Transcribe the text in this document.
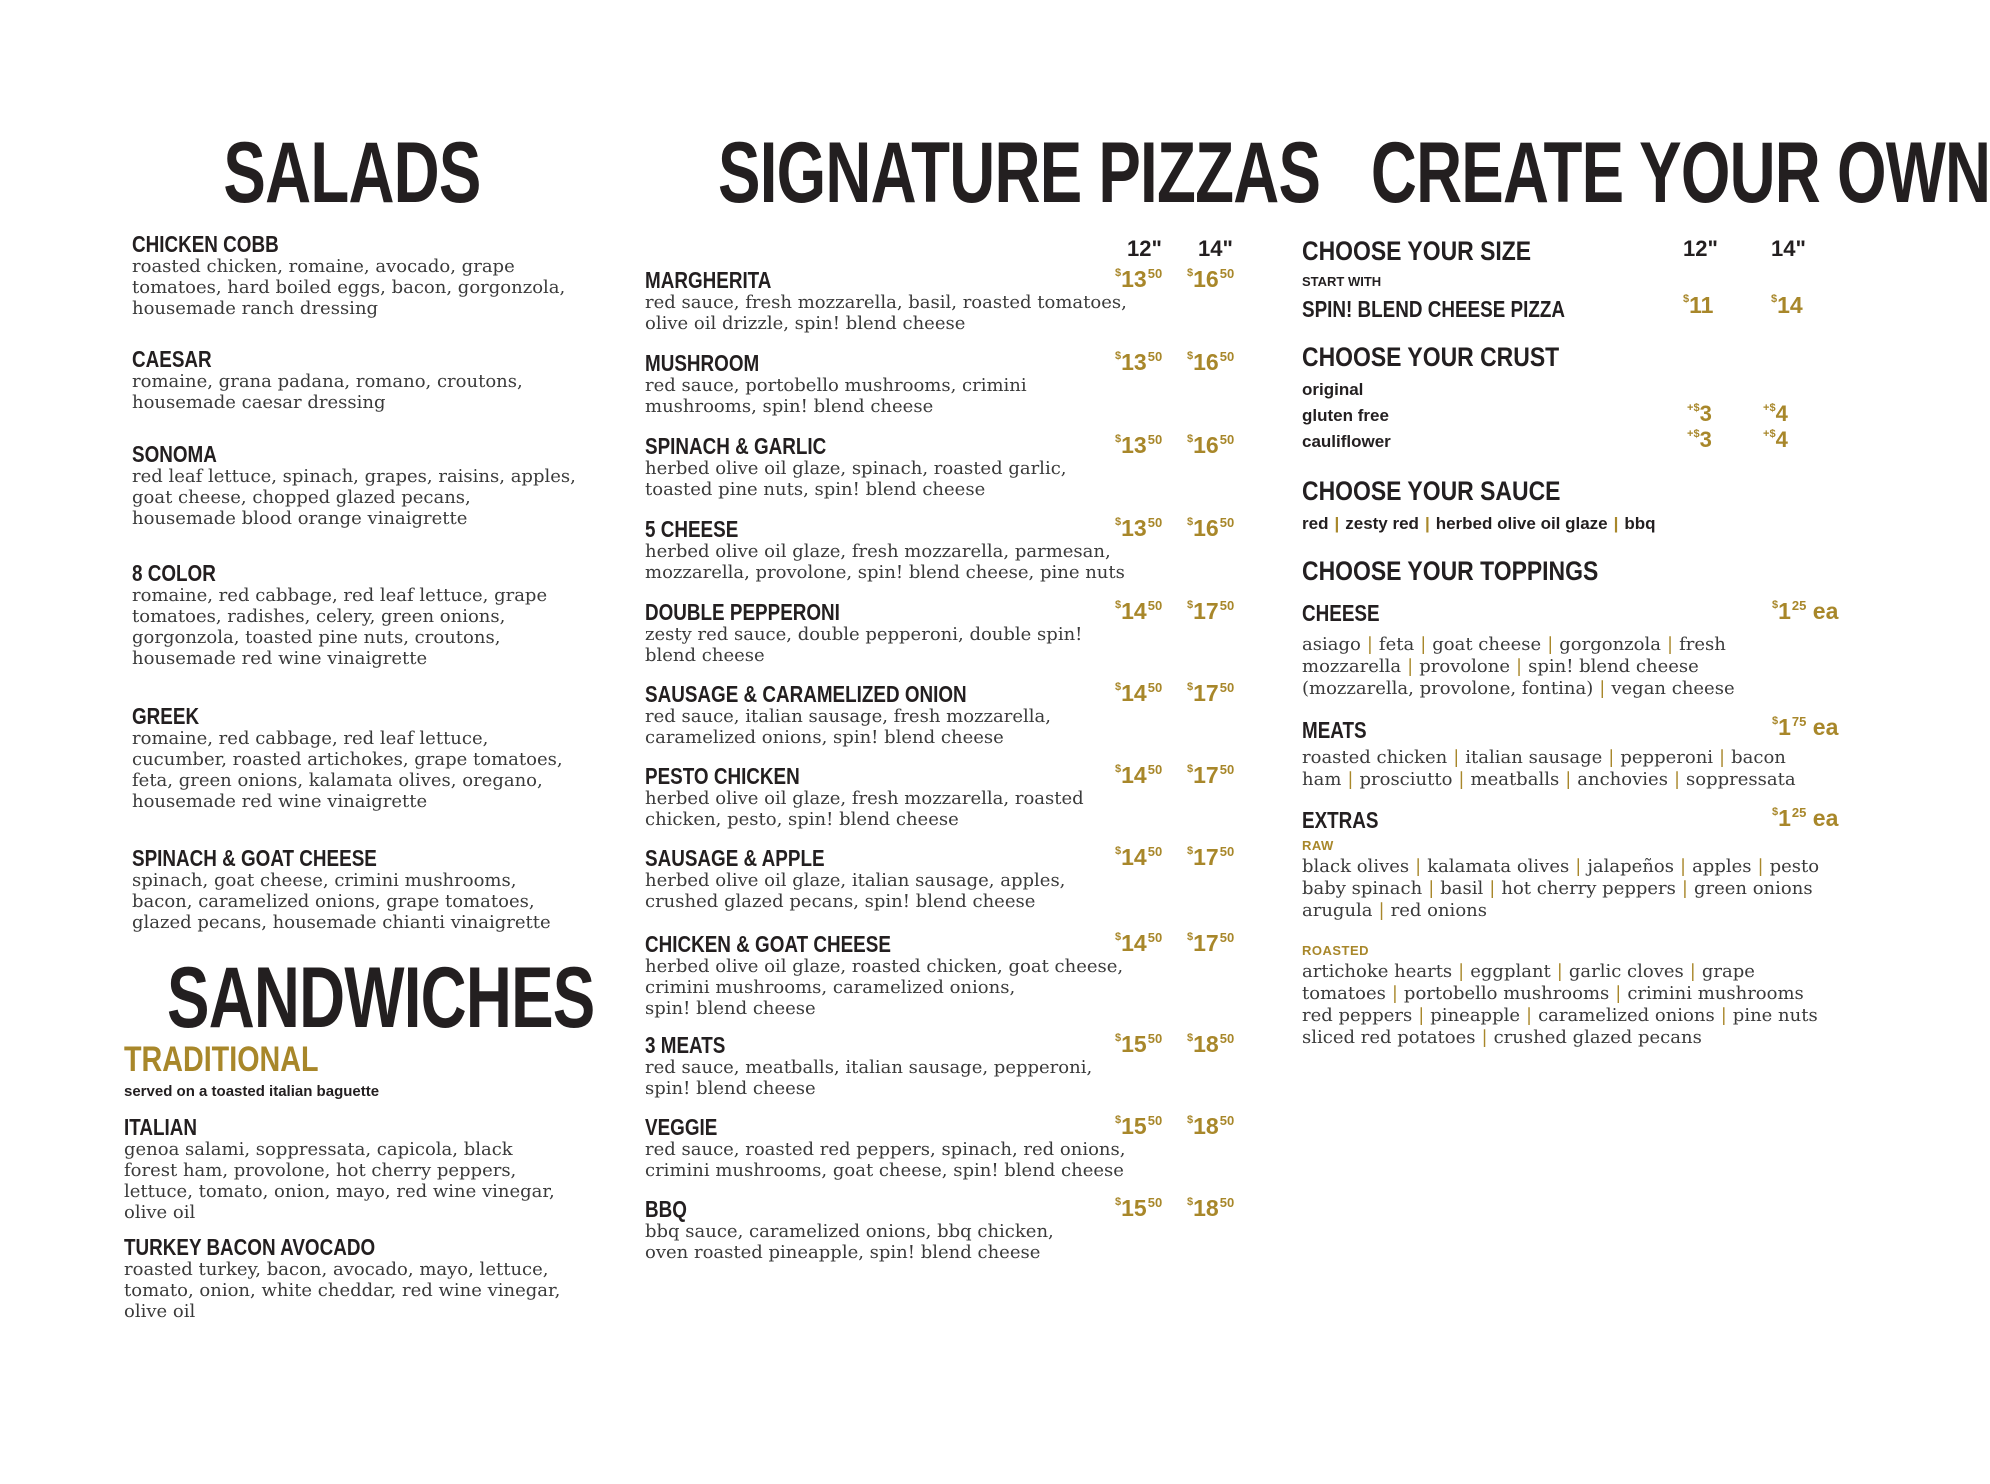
SALADS
CHICKEN COBB
roasted chicken, romaine, avocado, grape
tomatoes, hard boiled eggs, bacon, gorgonzola,
housemade ranch dressing
CAESAR
romaine, grana padana, romano, croutons,
housemade caesar dressing
SONOMA
red leaf lettuce, spinach, grapes, raisins, apples,
goat cheese, chopped glazed pecans,
housemade blood orange vinaigrette
8 COLOR
romaine, red cabbage, red leaf lettuce, grape
tomatoes, radishes, celery, green onions,
gorgonzola, toasted pine nuts, croutons,
housemade red wine vinaigrette
GREEK
romaine, red cabbage, red leaf lettuce,
cucumber, roasted artichokes, grape tomatoes,
feta, green onions, kalamata olives, oregano,
housemade red wine vinaigrette
SPINACH & GOAT CHEESE
spinach, goat cheese, crimini mushrooms,
bacon, caramelized onions, grape tomatoes,
glazed pecans, housemade chianti vinaigrette
SANDWICHES
TRADITIONAL
served on a toasted italian baguette
ITALIAN
genoa salami, soppressata, capicola, black
forest ham, provolone, hot cherry peppers,
lettuce, tomato, onion, mayo, red wine vinegar,
olive oil
TURKEY BACON AVOCADO
roasted turkey, bacon, avocado, mayo, lettuce,
tomato, onion, white cheddar, red wine vinegar,
olive oil
SIGNATURE PIZZAS
12" 14"
MARGHERITA
red sauce, fresh mozzarella, basil, roasted tomatoes,
olive oil drizzle, spin! blend cheese
$^{\$}13^{50}$ $^{\$}16^{50}$
MUSHROOM
red sauce, portobello mushrooms, crimini
mushrooms, spin! blend cheese
$^{\$}13^{50}$ $^{\$}16^{50}$
SPINACH & GARLIC
herbed olive oil glaze, spinach, roasted garlic,
toasted pine nuts, spin! blend cheese
$^{\$}13^{50}$ $^{\$}16^{50}$
5 CHEESE
herbed olive oil glaze, fresh mozzarella, parmesan,
mozzarella, provolone, spin! blend cheese, pine nuts
$^{\$}13^{50}$ $^{\$}16^{50}$
DOUBLE PEPPERONI
zesty red sauce, double pepperoni, double spin!
blend cheese
$^{\$}14^{50}$ $^{\$}17^{50}$
SAUSAGE & CARAMELIZED ONION
red sauce, italian sausage, fresh mozzarella,
caramelized onions, spin! blend cheese
$^{\$}14^{50}$ $^{\$}17^{50}$
PESTO CHICKEN
herbed olive oil glaze, fresh mozzarella, roasted
chicken, pesto, spin! blend cheese
$^{\$}14^{50}$ $^{\$}17^{50}$
SAUSAGE & APPLE
herbed olive oil glaze, italian sausage, apples,
crushed glazed pecans, spin! blend cheese
$^{\$}14^{50}$ $^{\$}17^{50}$
CHICKEN & GOAT CHEESE
herbed olive oil glaze, roasted chicken, goat cheese,
crimini mushrooms, caramelized onions,
spin! blend cheese
$^{\$}14^{50}$ $^{\$}17^{50}$
3 MEATS
red sauce, meatballs, italian sausage, pepperoni,
spin! blend cheese
$^{\$}15^{50}$ $^{\$}18^{50}$
VEGGIE
red sauce, roasted red peppers, spinach, red onions,
crimini mushrooms, goat cheese, spin! blend cheese
$^{\$}15^{50}$ $^{\$}18^{50}$
BBQ
bbq sauce, caramelized onions, bbq chicken,
oven roasted pineapple, spin! blend cheese
$^{\$}15^{50}$ $^{\$}18^{50}$
CREATE YOUR OWN
CHOOSE YOUR SIZE	12" 14"
START WITH
SPIN! BLEND CHEESE PIZZA	$11	$14
CHOOSE YOUR CRUST
original
gluten free	+$3	+$4
cauliflower	+$3	+$4
CHOOSE YOUR SAUCE
red | zesty red | herbed olive oil glaze | bbq
CHOOSE YOUR TOPPINGS
CHEESE	$^{\$}1^{25}$ ea
asiago | feta | goat cheese | gorgonzola | fresh
mozzarella | provolone | spin! blend cheese
(mozzarella, provolone, fontina) | vegan cheese
MEATS	$^{\$}1^{75}$ ea
roasted chicken | italian sausage | pepperoni | bacon
ham | prosciutto | meatballs | anchovies | soppressata
EXTRAS	$^{\$}1^{25}$ ea
RAW
black olives | kalamata olives | jalapeños | apples | pesto
baby spinach | basil | hot cherry peppers | green onions
arugula | red onions
ROASTED
artichoke hearts | eggplant | garlic cloves | grape
tomatoes | portobello mushrooms | crimini mushrooms
red peppers | pineapple | caramelized onions | pine nuts
sliced red potatoes | crushed glazed pecans
